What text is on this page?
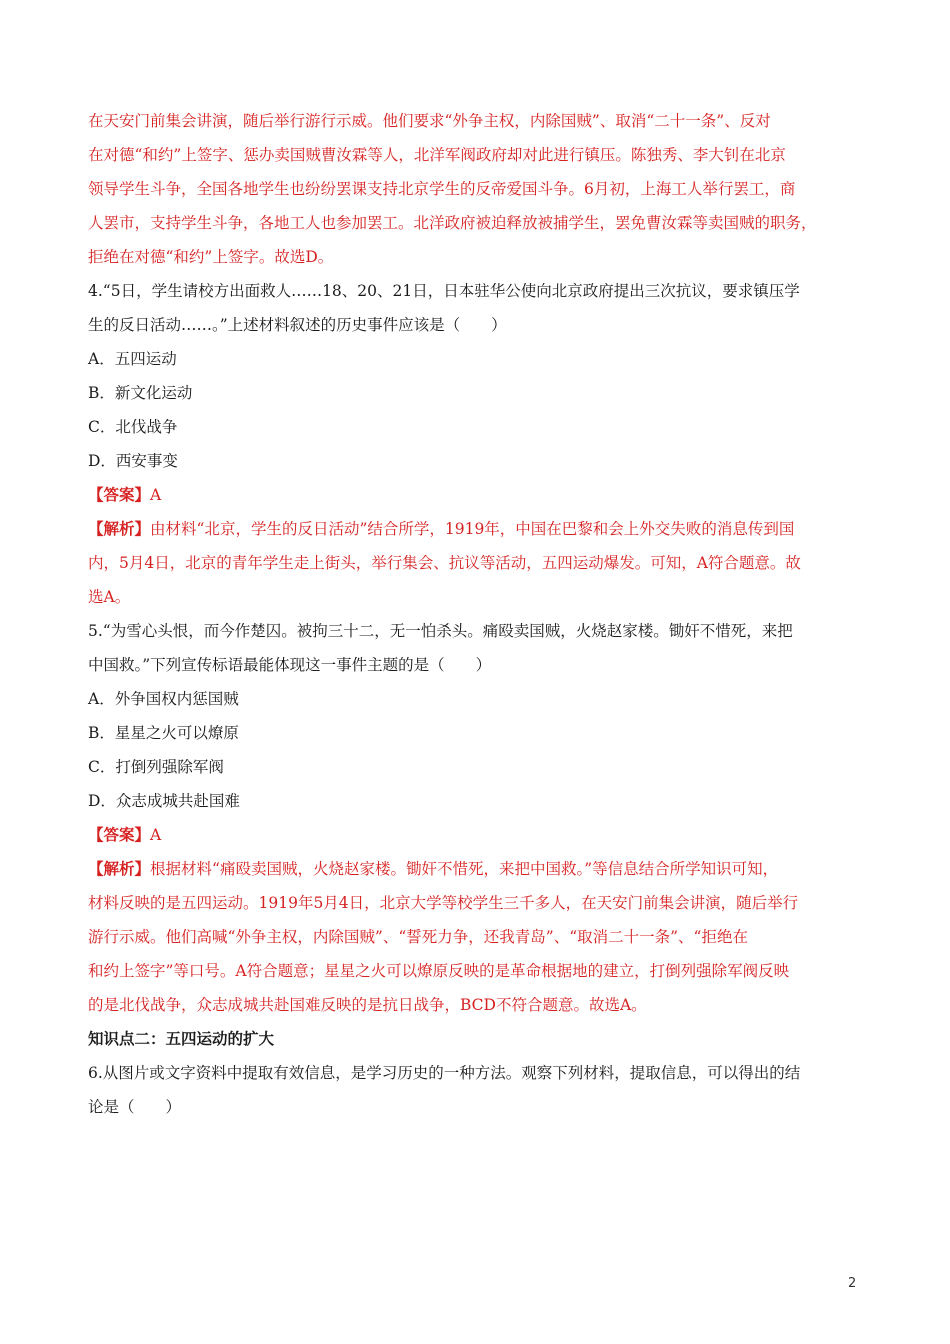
在天安门前集会讲演，随后举行游行示威。他们要求“外争主权，内除国贼”、取消“二十一条”、反对
在对德“和约”上签字、惩办卖国贼曹汝霖等人，北洋军阀政府却对此进行镇压。陈独秀、李大钊在北京
领导学生斗争，全国各地学生也纷纷罢课支持北京学生的反帝爱国斗争。6月初，上海工人举行罢工，商
人罢市，支持学生斗争，各地工人也参加罢工。北洋政府被迫释放被捕学生，罢免曹汝霖等卖国贼的职务，
拒绝在对德“和约”上签字。故选D。
4.“5日，学生请校方出面救人……18、20、21日，日本驻华公使向北京政府提出三次抗议，要求镇压学
生的反日活动……。”上述材料叙述的历史事件应该是（　　）
A．五四运动
B．新文化运动
C．北伐战争
D．西安事变
【答案】A
【解析】由材料“北京，学生的反日活动”结合所学，1919年，中国在巴黎和会上外交失败的消息传到国
内，5月4日，北京的青年学生走上街头，举行集会、抗议等活动，五四运动爆发。可知，A符合题意。故
选A。
5.“为雪心头恨，而今作楚囚。被拘三十二，无一怕杀头。痛殴卖国贼，火烧赵家楼。锄奸不惜死，来把
中国救。”下列宣传标语最能体现这一事件主题的是（　　）
A．外争国权内惩国贼
B．星星之火可以燎原
C．打倒列强除军阀
D．众志成城共赴国难
【答案】A
【解析】根据材料“痛殴卖国贼，火烧赵家楼。锄奸不惜死，来把中国救。”等信息结合所学知识可知，
材料反映的是五四运动。1919年5月4日，北京大学等校学生三千多人，在天安门前集会讲演，随后举行
游行示威。他们高喊“外争主权，内除国贼”、“誓死力争，还我青岛”、“取消二十一条”、“拒绝在
和约上签字”等口号。A符合题意；星星之火可以燎原反映的是革命根据地的建立，打倒列强除军阀反映
的是北伐战争，众志成城共赴国难反映的是抗日战争，BCD不符合题意。故选A。
知识点二：五四运动的扩大
6.从图片或文字资料中提取有效信息，是学习历史的一种方法。观察下列材料，提取信息，可以得出的结
论是（　　）
2
